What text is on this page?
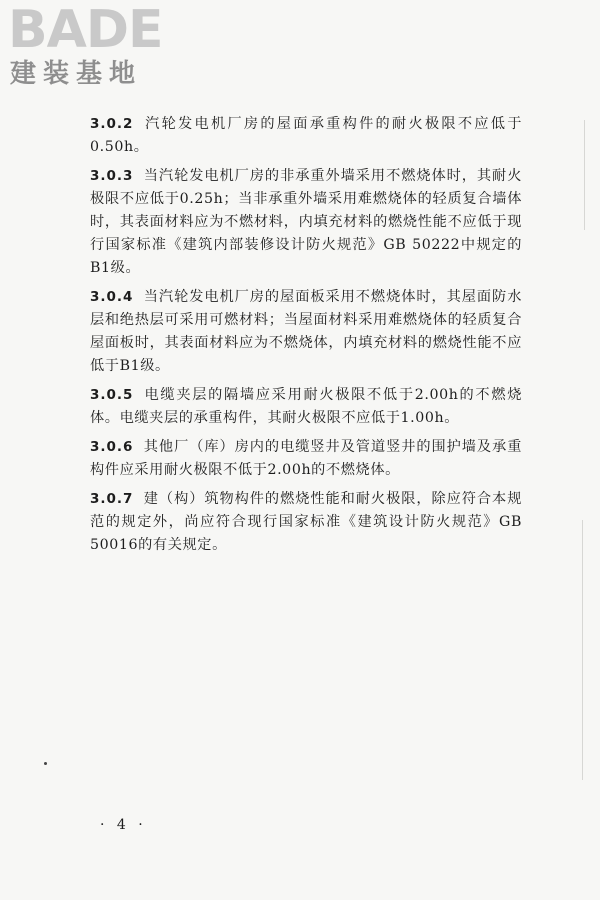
BADE
建装基地

3.0.2 汽轮发电机厂房的屋面承重构件的耐火极限不应低于0.50h。

3.0.3 当汽轮发电机厂房的非承重外墙采用不燃烧体时，其耐火极限不应低于0.25h；当非承重外墙采用难燃烧体的轻质复合墙体时，其表面材料应为不燃材料，内填充材料的燃烧性能不应低于现行国家标准《建筑内部装修设计防火规范》GB 50222中规定的B1级。

3.0.4 当汽轮发电机厂房的屋面板采用不燃烧体时，其屋面防水层和绝热层可采用可燃材料；当屋面材料采用难燃烧体的轻质复合屋面板时，其表面材料应为不燃烧体，内填充材料的燃烧性能不应低于B1级。

3.0.5 电缆夹层的隔墙应采用耐火极限不低于2.00h的不燃烧体。电缆夹层的承重构件，其耐火极限不应低于1.00h。

3.0.6 其他厂（库）房内的电缆竖井及管道竖井的围护墙及承重构件应采用耐火极限不低于2.00h的不燃烧体。

3.0.7 建（构）筑物构件的燃烧性能和耐火极限，除应符合本规范的规定外，尚应符合现行国家标准《建筑设计防火规范》GB 50016的有关规定。

· 4 ·
